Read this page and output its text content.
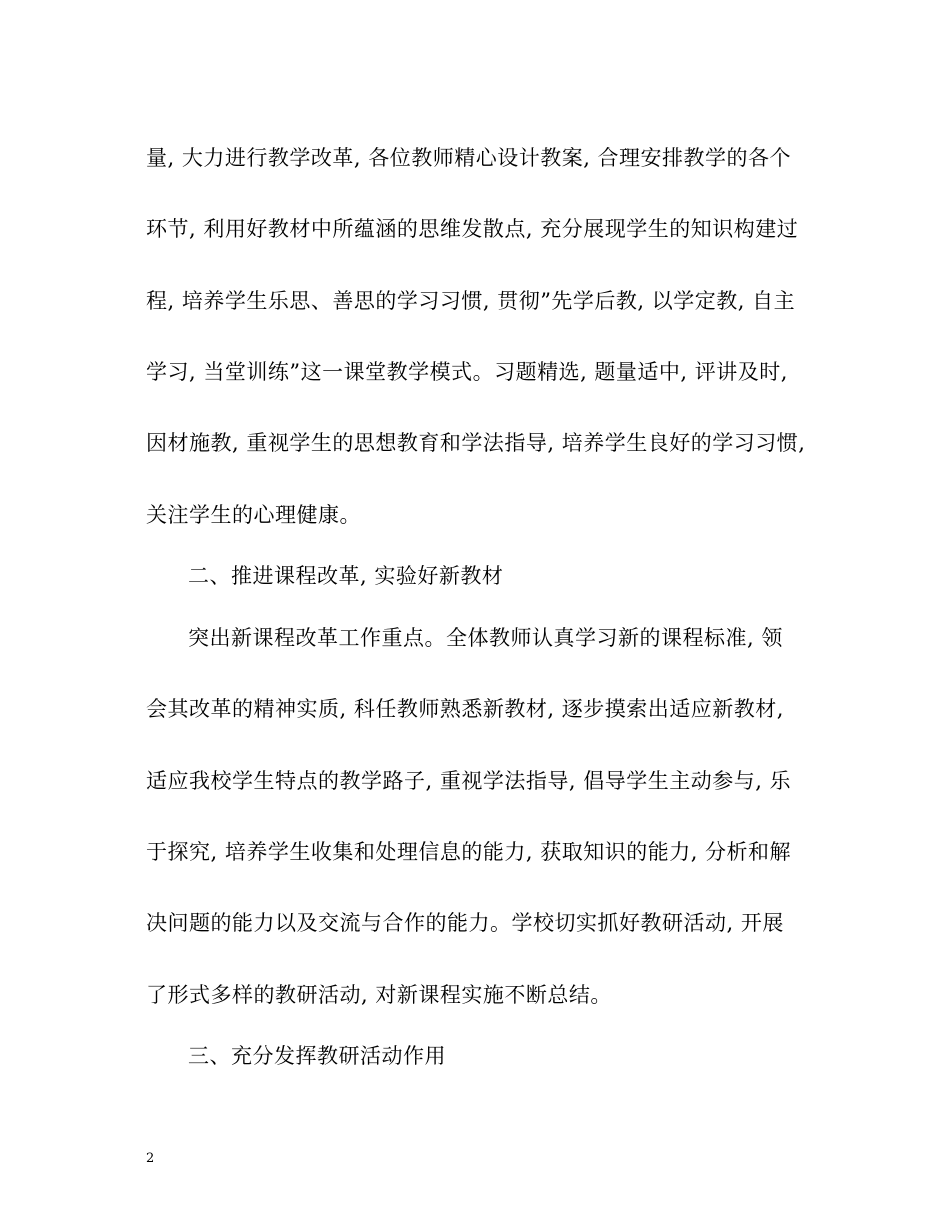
量, 大力进行教学改革, 各位教师精心设计教案, 合理安排教学的各个
环节, 利用好教材中所蕴涵的思维发散点, 充分展现学生的知识构建过
程, 培养学生乐思、善思的学习习惯, 贯彻”先学后教, 以学定教, 自主
学习, 当堂训练”这一课堂教学模式。习题精选, 题量适中, 评讲及时,
因材施教, 重视学生的思想教育和学法指导, 培养学生良好的学习习惯,
关注学生的心理健康。
二、推进课程改革, 实验好新教材
突出新课程改革工作重点。全体教师认真学习新的课程标准, 领
会其改革的精神实质, 科任教师熟悉新教材, 逐步摸索出适应新教材,
适应我校学生特点的教学路子, 重视学法指导, 倡导学生主动参与, 乐
于探究, 培养学生收集和处理信息的能力, 获取知识的能力, 分析和解
决问题的能力以及交流与合作的能力。学校切实抓好教研活动, 开展
了形式多样的教研活动, 对新课程实施不断总结。
三、充分发挥教研活动作用
2
